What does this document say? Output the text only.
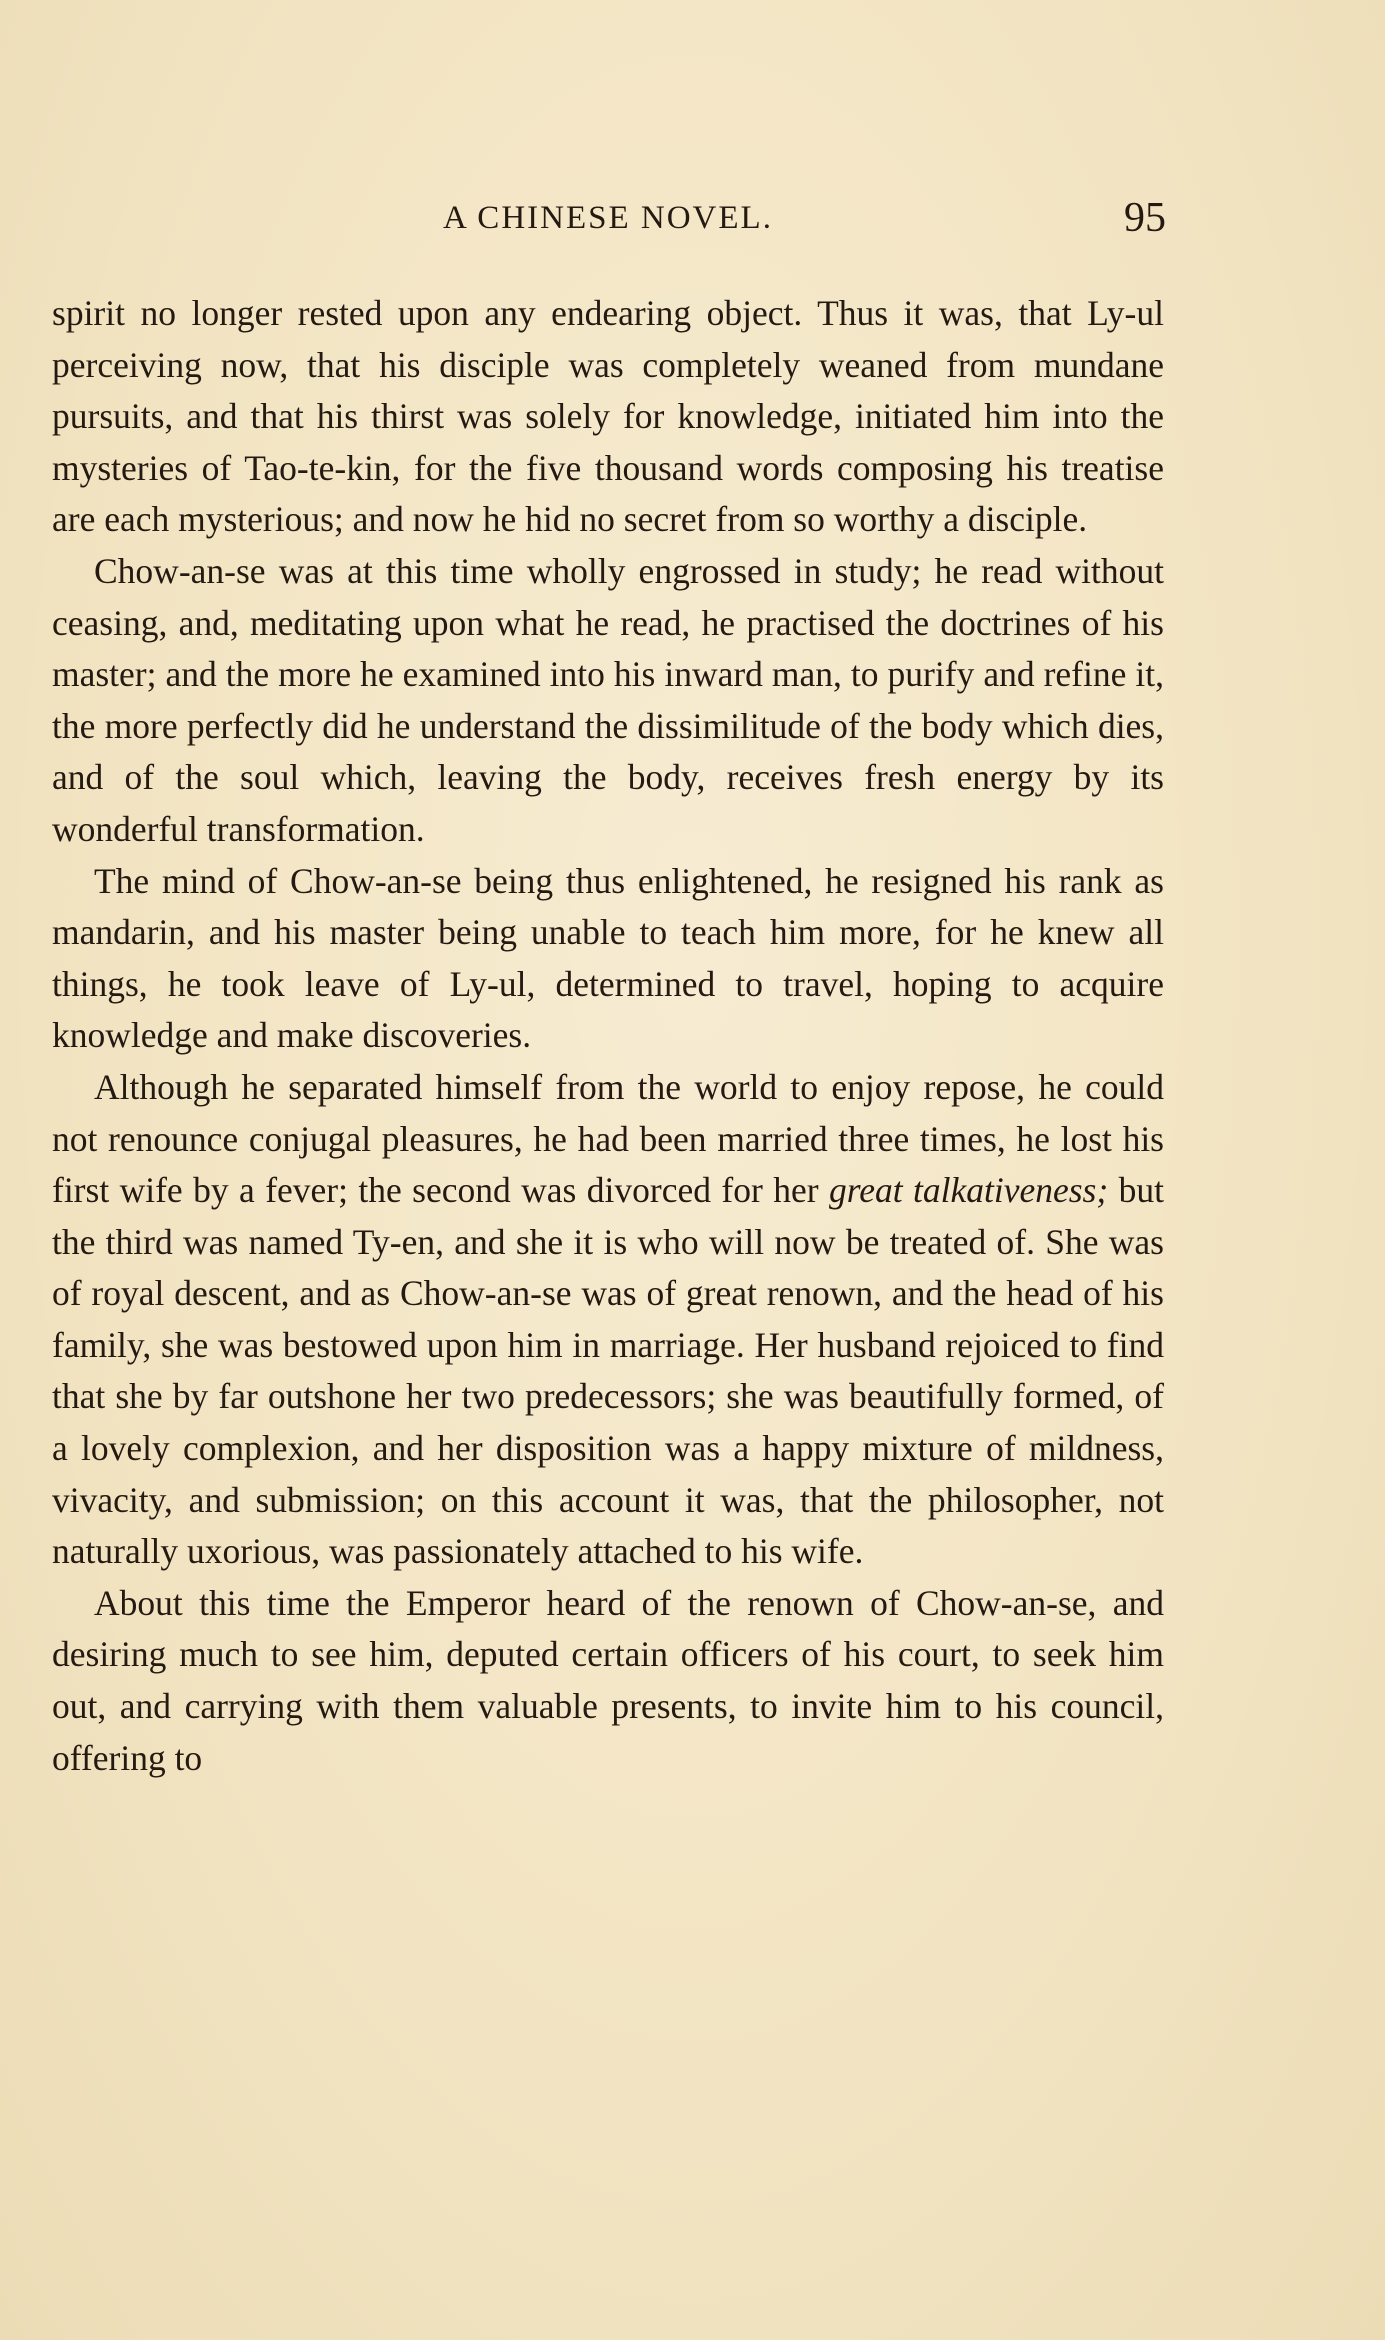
A CHINESE NOVEL.	95

spirit no longer rested upon any endearing object. Thus it was, that Ly-ul perceiving now, that his disciple was completely weaned from mundane pursuits, and that his thirst was solely for knowledge, initiated him into the mysteries of Tao-te-kin, for the five thousand words composing his treatise are each mysterious; and now he hid no secret from so worthy a disciple.

Chow-an-se was at this time wholly engrossed in study; he read without ceasing, and, meditating upon what he read, he practised the doctrines of his master; and the more he examined into his inward man, to purify and refine it, the more perfectly did he understand the dissimilitude of the body which dies, and of the soul which, leaving the body, receives fresh energy by its wonderful transformation.

The mind of Chow-an-se being thus enlightened, he resigned his rank as mandarin, and his master being unable to teach him more, for he knew all things, he took leave of Ly-ul, determined to travel, hoping to acquire knowledge and make discoveries.

Although he separated himself from the world to enjoy repose, he could not renounce conjugal pleasures, he had been married three times, he lost his first wife by a fever; the second was divorced for her great talkativeness; but the third was named Ty-en, and she it is who will now be treated of. She was of royal descent, and as Chow-an-se was of great renown, and the head of his family, she was bestowed upon him in marriage. Her husband rejoiced to find that she by far outshone her two predecessors; she was beautifully formed, of a lovely complexion, and her disposition was a happy mixture of mildness, vivacity, and submission; on this account it was, that the philosopher, not naturally uxorious, was passionately attached to his wife.

About this time the Emperor heard of the renown of Chow-an-se, and desiring much to see him, deputed certain officers of his court, to seek him out, and carrying with them valuable presents, to invite him to his council, offering to
